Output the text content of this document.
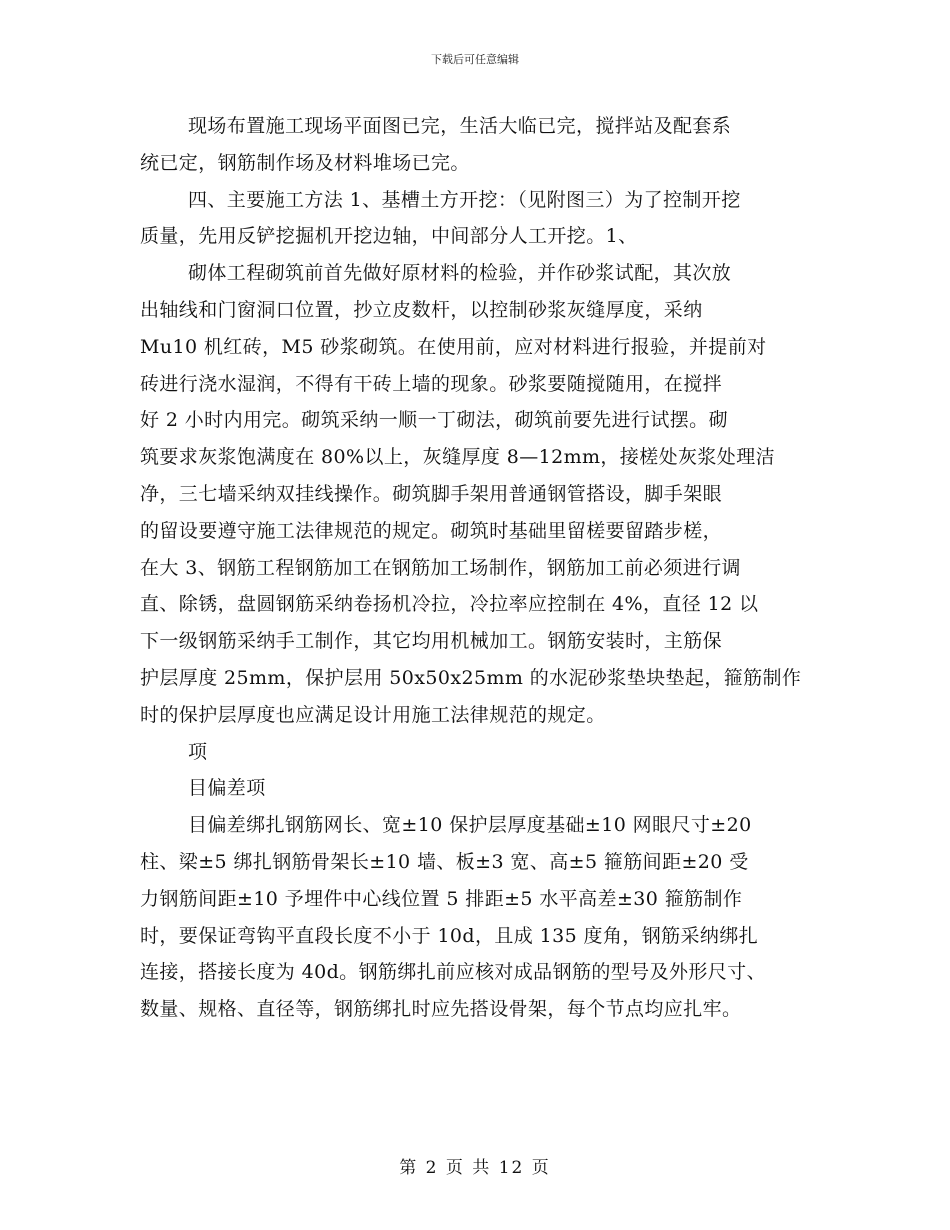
下载后可任意编辑

现场布置施工现场平面图已完，生活大临已完，搅拌站及配套系

统已定，钢筋制作场及材料堆场已完。

四、主要施工方法 1、基槽土方开挖：（见附图三）为了控制开挖

质量，先用反铲挖掘机开挖边轴，中间部分人工开挖。1、

砌体工程砌筑前首先做好原材料的检验，并作砂浆试配，其次放

出轴线和门窗洞口位置，抄立皮数杆，以控制砂浆灰缝厚度，采纳

Mu10 机红砖，M5 砂浆砌筑。在使用前，应对材料进行报验，并提前对

砖进行浇水湿润，不得有干砖上墙的现象。砂浆要随搅随用，在搅拌

好 2 小时内用完。砌筑采纳一顺一丁砌法，砌筑前要先进行试摆。砌

筑要求灰浆饱满度在 80%以上，灰缝厚度 8—12mm，接槎处灰浆处理洁

净，三七墙采纳双挂线操作。砌筑脚手架用普通钢管搭设，脚手架眼

的留设要遵守施工法律规范的规定。砌筑时基础里留槎要留踏步槎，

在大 3、钢筋工程钢筋加工在钢筋加工场制作，钢筋加工前必须进行调

直、除锈，盘圆钢筋采纳卷扬机冷拉，冷拉率应控制在 4%，直径 12 以

下一级钢筋采纳手工制作，其它均用机械加工。钢筋安装时，主筋保

护层厚度 25mm，保护层用 50x50x25mm 的水泥砂浆垫块垫起，箍筋制作

时的保护层厚度也应满足设计用施工法律规范的规定。

项

目偏差项

目偏差绑扎钢筋网长、宽±10 保护层厚度基础±10 网眼尺寸±20

柱、梁±5 绑扎钢筋骨架长±10 墙、板±3 宽、高±5 箍筋间距±20 受

力钢筋间距±10 予埋件中心线位置 5 排距±5 水平高差±30 箍筋制作

时，要保证弯钩平直段长度不小于 10d，且成 135 度角，钢筋采纳绑扎

连接，搭接长度为 40d。钢筋绑扎前应核对成品钢筋的型号及外形尺寸、

数量、规格、直径等，钢筋绑扎时应先搭设骨架，每个节点均应扎牢。

第 2 页 共 12 页
